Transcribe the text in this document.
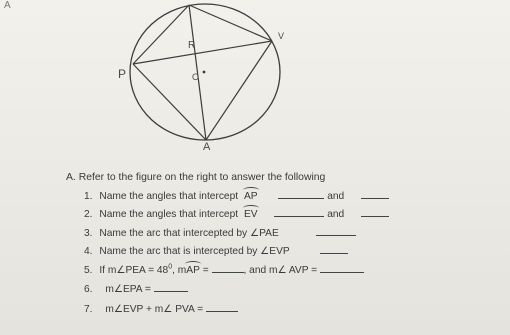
A
R
V
P	O
A
A. Refer to the figure on the right to answer the following
1. Name the angles that intercept AP	and
2. Name the angles that intercept EV	and
3. Name the arc that intercepted by ∠PAE
4. Name the arc that is intercepted by ∠EVP
5. If m∠PEA = $48^0$, mAP =	, and m∠ AVP =
6. m∠EPA =
7. m∠EVP + m∠ PVA =
